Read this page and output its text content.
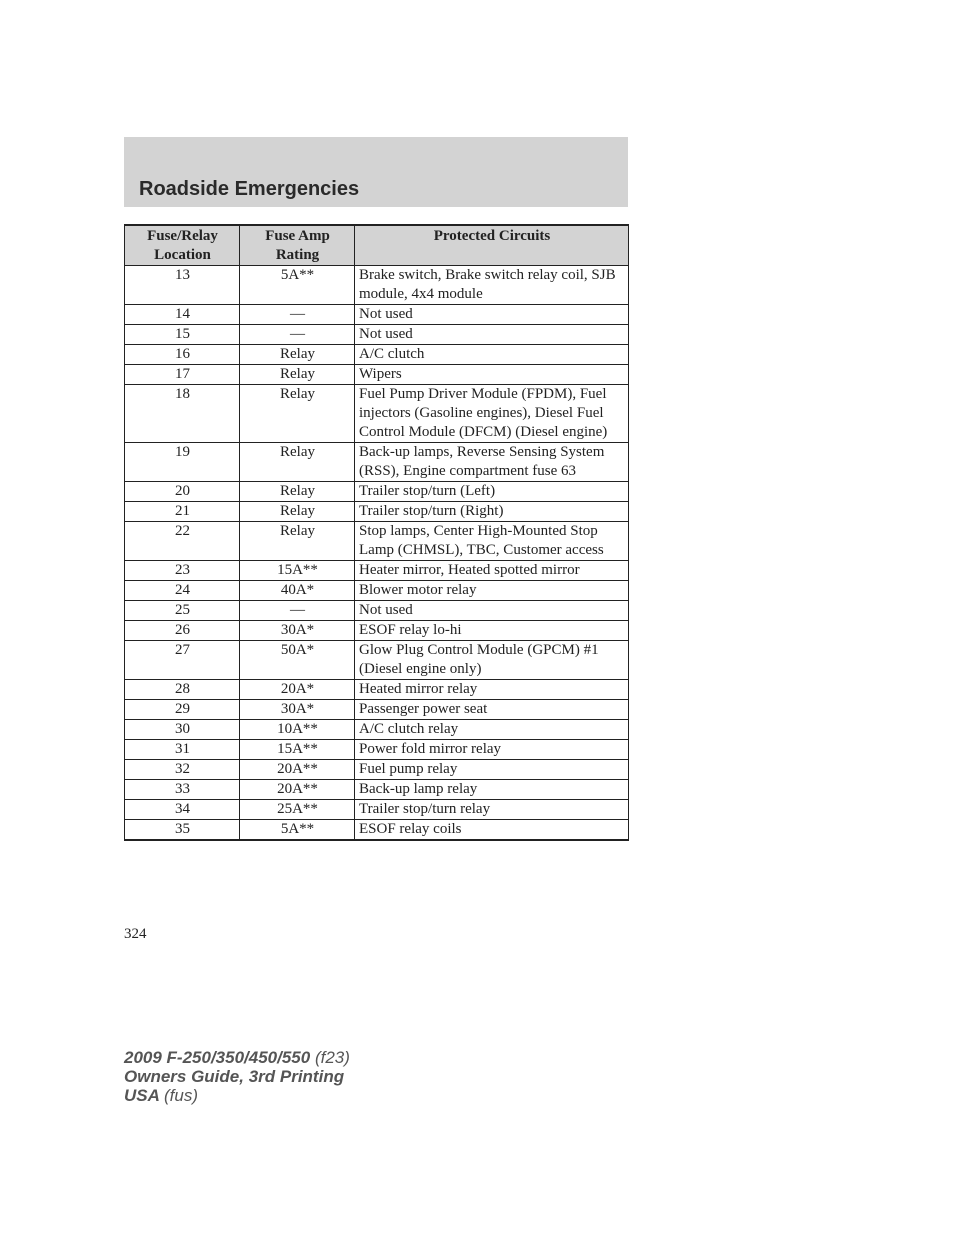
Roadside Emergencies
Fuse/Relay Location	Fuse Amp Rating	Protected Circuits
13	5A**	Brake switch, Brake switch relay coil, SJB module, 4x4 module
14	—	Not used
15	—	Not used
16	Relay	A/C clutch
17	Relay	Wipers
18	Relay	Fuel Pump Driver Module (FPDM), Fuel injectors (Gasoline engines), Diesel Fuel Control Module (DFCM) (Diesel engine)
19	Relay	Back-up lamps, Reverse Sensing System (RSS), Engine compartment fuse 63
20	Relay	Trailer stop/turn (Left)
21	Relay	Trailer stop/turn (Right)
22	Relay	Stop lamps, Center High-Mounted Stop Lamp (CHMSL), TBC, Customer access
23	15A**	Heater mirror, Heated spotted mirror
24	40A*	Blower motor relay
25	—	Not used
26	30A*	ESOF relay lo-hi
27	50A*	Glow Plug Control Module (GPCM) #1 (Diesel engine only)
28	20A*	Heated mirror relay
29	30A*	Passenger power seat
30	10A**	A/C clutch relay
31	15A**	Power fold mirror relay
32	20A**	Fuel pump relay
33	20A**	Back-up lamp relay
34	25A**	Trailer stop/turn relay
35	5A**	ESOF relay coils
324
2009 F-250/350/450/550 (f23)
Owners Guide, 3rd Printing
USA (fus)
